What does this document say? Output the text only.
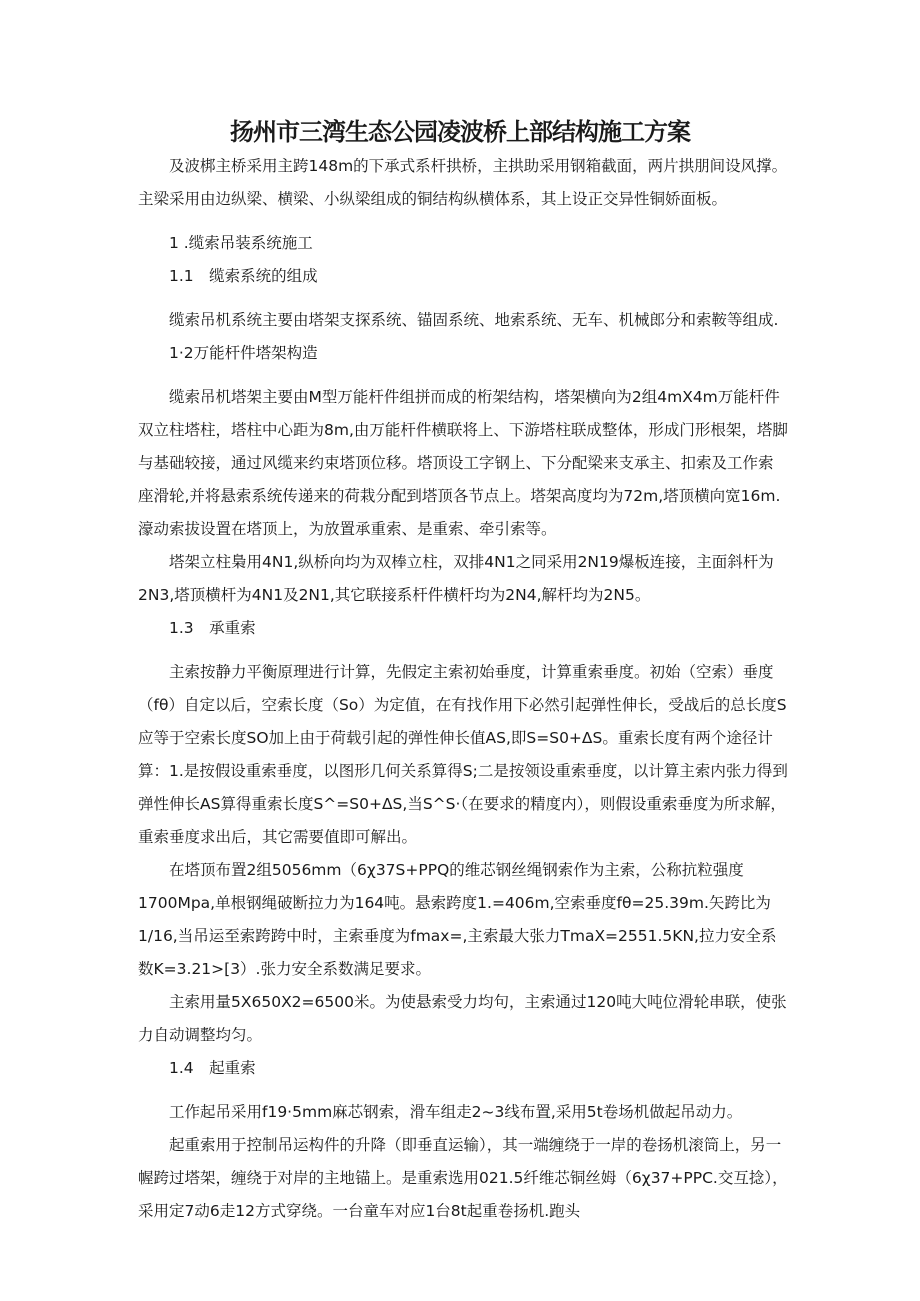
扬州市三湾生态公园凌波桥上部结构施工方案

及波梆主桥采用主跨148m的下承式系杆拱桥，主拱助采用钢箱截面，两片拱朋间设风撑。主梁采用由边纵梁、横梁、小纵梁组成的铜结构纵横体系，其上设正交异性铜娇面板。

1 .缆索吊装系统施工

1.1　缆索系统的组成

缆索吊机系统主要由塔架支探系统、锚固系统、地索系统、无车、机械郎分和索鞍等组成.

1·2万能杆件塔架构造

缆索吊机塔架主要由M型万能杆件组拼而成的桁架结构，塔架横向为2组4mX4m万能杆件双立柱塔柱，塔柱中心距为8m,由万能杆件横联将上、下游塔柱联成整体，形成门形根架，塔脚与基础较接，通过风缆来约束塔顶位移。塔顶设工字钢上、下分配梁来支承主、扣索及工作索座滑轮,并将悬索系统传递来的荷栽分配到塔顶各节点上。塔架高度均为72m,塔顶横向宽16m.濠动索拔设置在塔顶上，为放置承重索、是重索、牵引索等。

塔架立柱梟用4N1,纵桥向均为双棒立柱，双排4N1之同采用2N19爆板连接，主面斜杆为2N3,塔顶横杆为4N1及2N1,其它联接系杆件横杆均为2N4,解杆均为2N5。

1.3　承重索

主索按静力平衡原理进行计算，先假定主索初始垂度，计算重索垂度。初始（空索）垂度（fθ）自定以后，空索长度（So）为定值，在有找作用下必然引起弹性伸长，受战后的总长度S应等于空索长度SO加上由于荷载引起的弹性伸长值AS,即S=S0+ΔS。重索长度有两个途径计算：1.是按假设重索垂度，以图形几何关系算得S;二是按领设重索垂度，以计算主索内张力得到弹性伸长AS算得重索长度S^=S0+ΔS,当S^S·（在要求的精度内），则假设重索垂度为所求解，重索垂度求出后，其它需要值即可解出。

在塔顶布置2组5056mm（6χ37S+PPQ的维芯钢丝绳钢索作为主索，公称抗粒强度1700Mpa,单根钢绳破断拉力为164吨。悬索跨度1.=406m,空索垂度fθ=25.39m.矢跨比为1/16,当吊运至索跨跨中时，主索垂度为fmax=,主索最大张力TmaX=2551.5KN,拉力安全系数K=3.21>[3）.张力安全系数满足要求。

主索用量5X650X2=6500米。为使悬索受力均句，主索通过120吨大吨位滑轮串联，使张力自动调整均匀。

1.4　起重索

工作起吊采用f19·5mm麻芯钢索，滑车组走2~3线布置,采用5t卷场机做起吊动力。

起重索用于控制吊运构件的升降（即垂直运输），其一端缠绕于一岸的卷扬机滚筒上，另一幄跨过塔架，缠绕于对岸的主地锚上。是重索选用021.5纤维芯铜丝姆（6χ37+PPC.交互捻），采用定7动6走12方式穿绕。一台童车对应1台8t起重卷扬机.跑头
